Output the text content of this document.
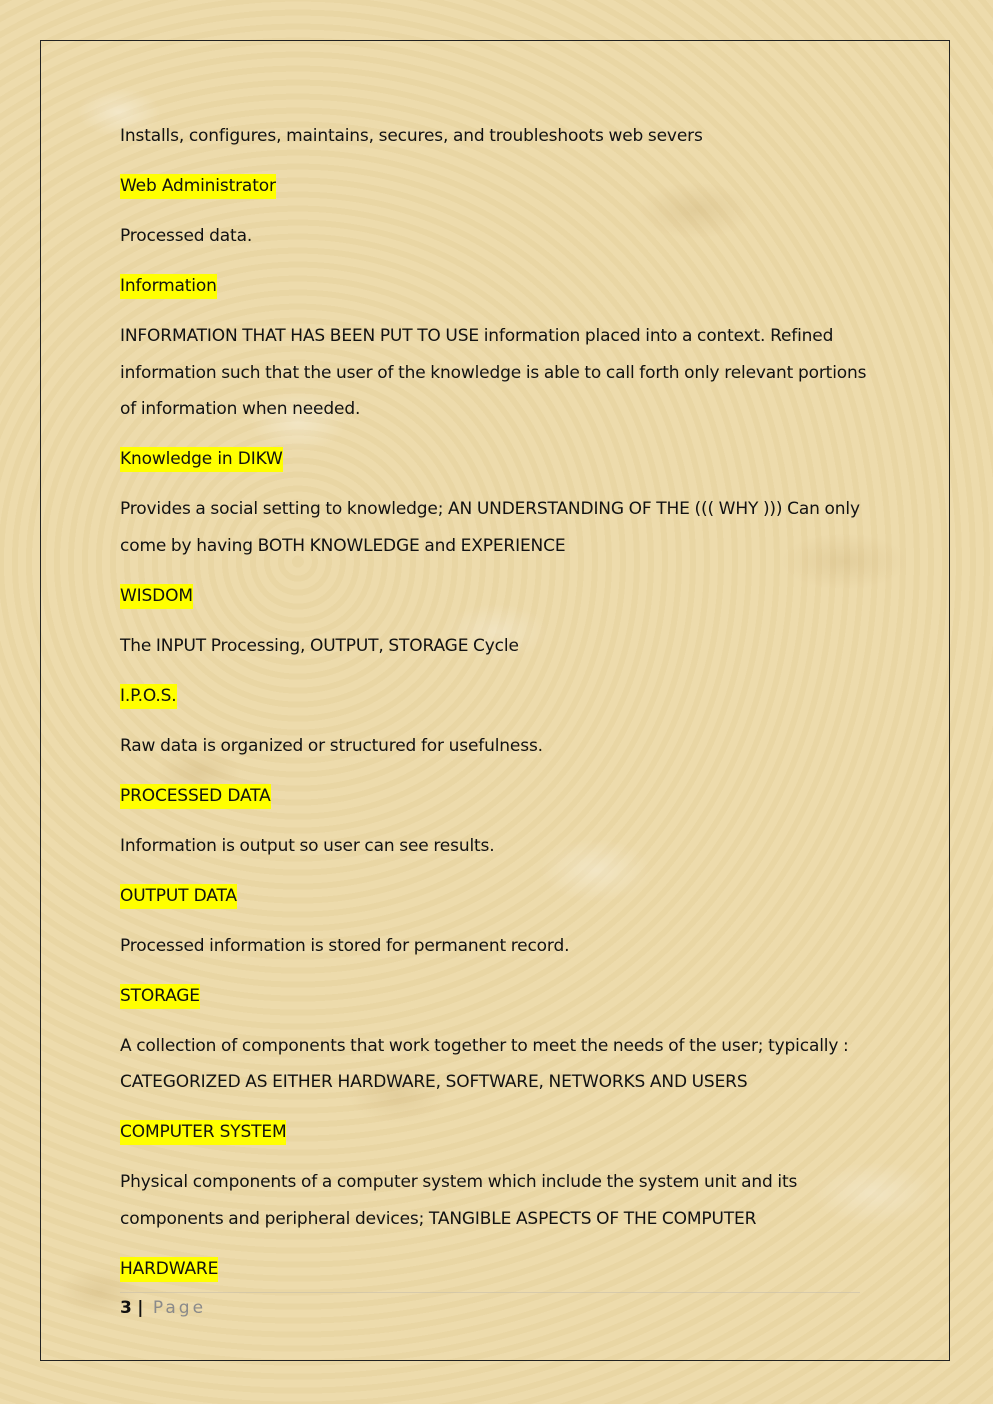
Installs, configures, maintains, secures, and troubleshoots web severs

Web Administrator

Processed data.

Information

INFORMATION THAT HAS BEEN PUT TO USE information placed into a context. Refined information such that the user of the knowledge is able to call forth only relevant portions of information when needed.

Knowledge in DIKW

Provides a social setting to knowledge; AN UNDERSTANDING OF THE ((( WHY ))) Can only come by having BOTH KNOWLEDGE and EXPERIENCE

WISDOM

The INPUT Processing, OUTPUT, STORAGE Cycle

I.P.O.S.

Raw data is organized or structured for usefulness.

PROCESSED DATA

Information is output so user can see results.

OUTPUT DATA

Processed information is stored for permanent record.

STORAGE

A collection of components that work together to meet the needs of the user; typically : CATEGORIZED AS EITHER HARDWARE, SOFTWARE, NETWORKS AND USERS

COMPUTER SYSTEM

Physical components of a computer system which include the system unit and its components and peripheral devices; TANGIBLE ASPECTS OF THE COMPUTER

HARDWARE
3 | Page
